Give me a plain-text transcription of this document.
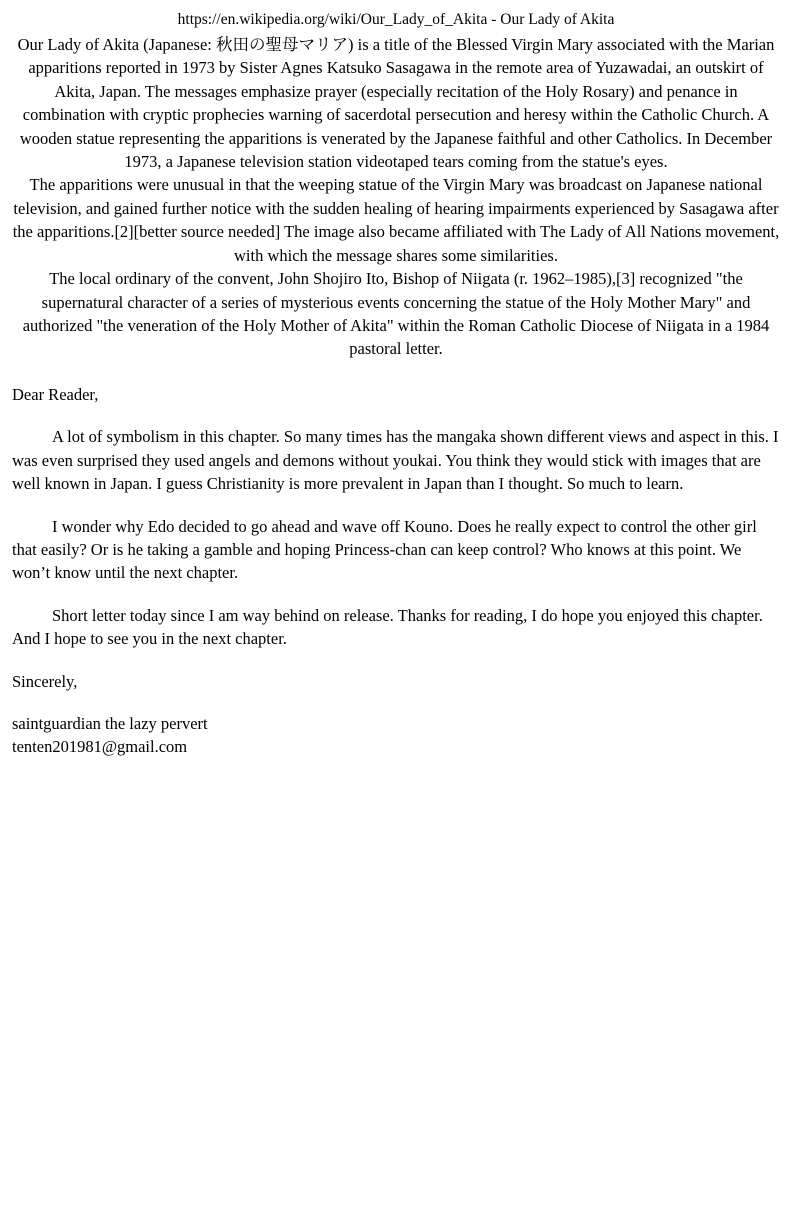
https://en.wikipedia.org/wiki/Our_Lady_of_Akita - Our Lady of Akita

Our Lady of Akita (Japanese: 秋田の聖母マリア) is a title of the Blessed Virgin Mary associated with the Marian apparitions reported in 1973 by Sister Agnes Katsuko Sasagawa in the remote area of Yuzawadai, an outskirt of Akita, Japan. The messages emphasize prayer (especially recitation of the Holy Rosary) and penance in combination with cryptic prophecies warning of sacerdotal persecution and heresy within the Catholic Church. A wooden statue representing the apparitions is venerated by the Japanese faithful and other Catholics. In December 1973, a Japanese television station videotaped tears coming from the statue's eyes.

The apparitions were unusual in that the weeping statue of the Virgin Mary was broadcast on Japanese national television, and gained further notice with the sudden healing of hearing impairments experienced by Sasagawa after the apparitions.[2][better source needed] The image also became affiliated with The Lady of All Nations movement, with which the message shares some similarities.

The local ordinary of the convent, John Shojiro Ito, Bishop of Niigata (r. 1962–1985),[3] recognized "the supernatural character of a series of mysterious events concerning the statue of the Holy Mother Mary" and authorized "the veneration of the Holy Mother of Akita" within the Roman Catholic Diocese of Niigata in a 1984 pastoral letter.

Dear Reader,

A lot of symbolism in this chapter. So many times has the mangaka shown different views and aspect in this. I was even surprised they used angels and demons without youkai. You think they would stick with images that are well known in Japan. I guess Christianity is more prevalent in Japan than I thought. So much to learn.

I wonder why Edo decided to go ahead and wave off Kouno. Does he really expect to control the other girl that easily? Or is he taking a gamble and hoping Princess-chan can keep control? Who knows at this point. We won’t know until the next chapter.

Short letter today since I am way behind on release. Thanks for reading, I do hope you enjoyed this chapter. And I hope to see you in the next chapter.

Sincerely,

saintguardian the lazy pervert
tenten201981@gmail.com
